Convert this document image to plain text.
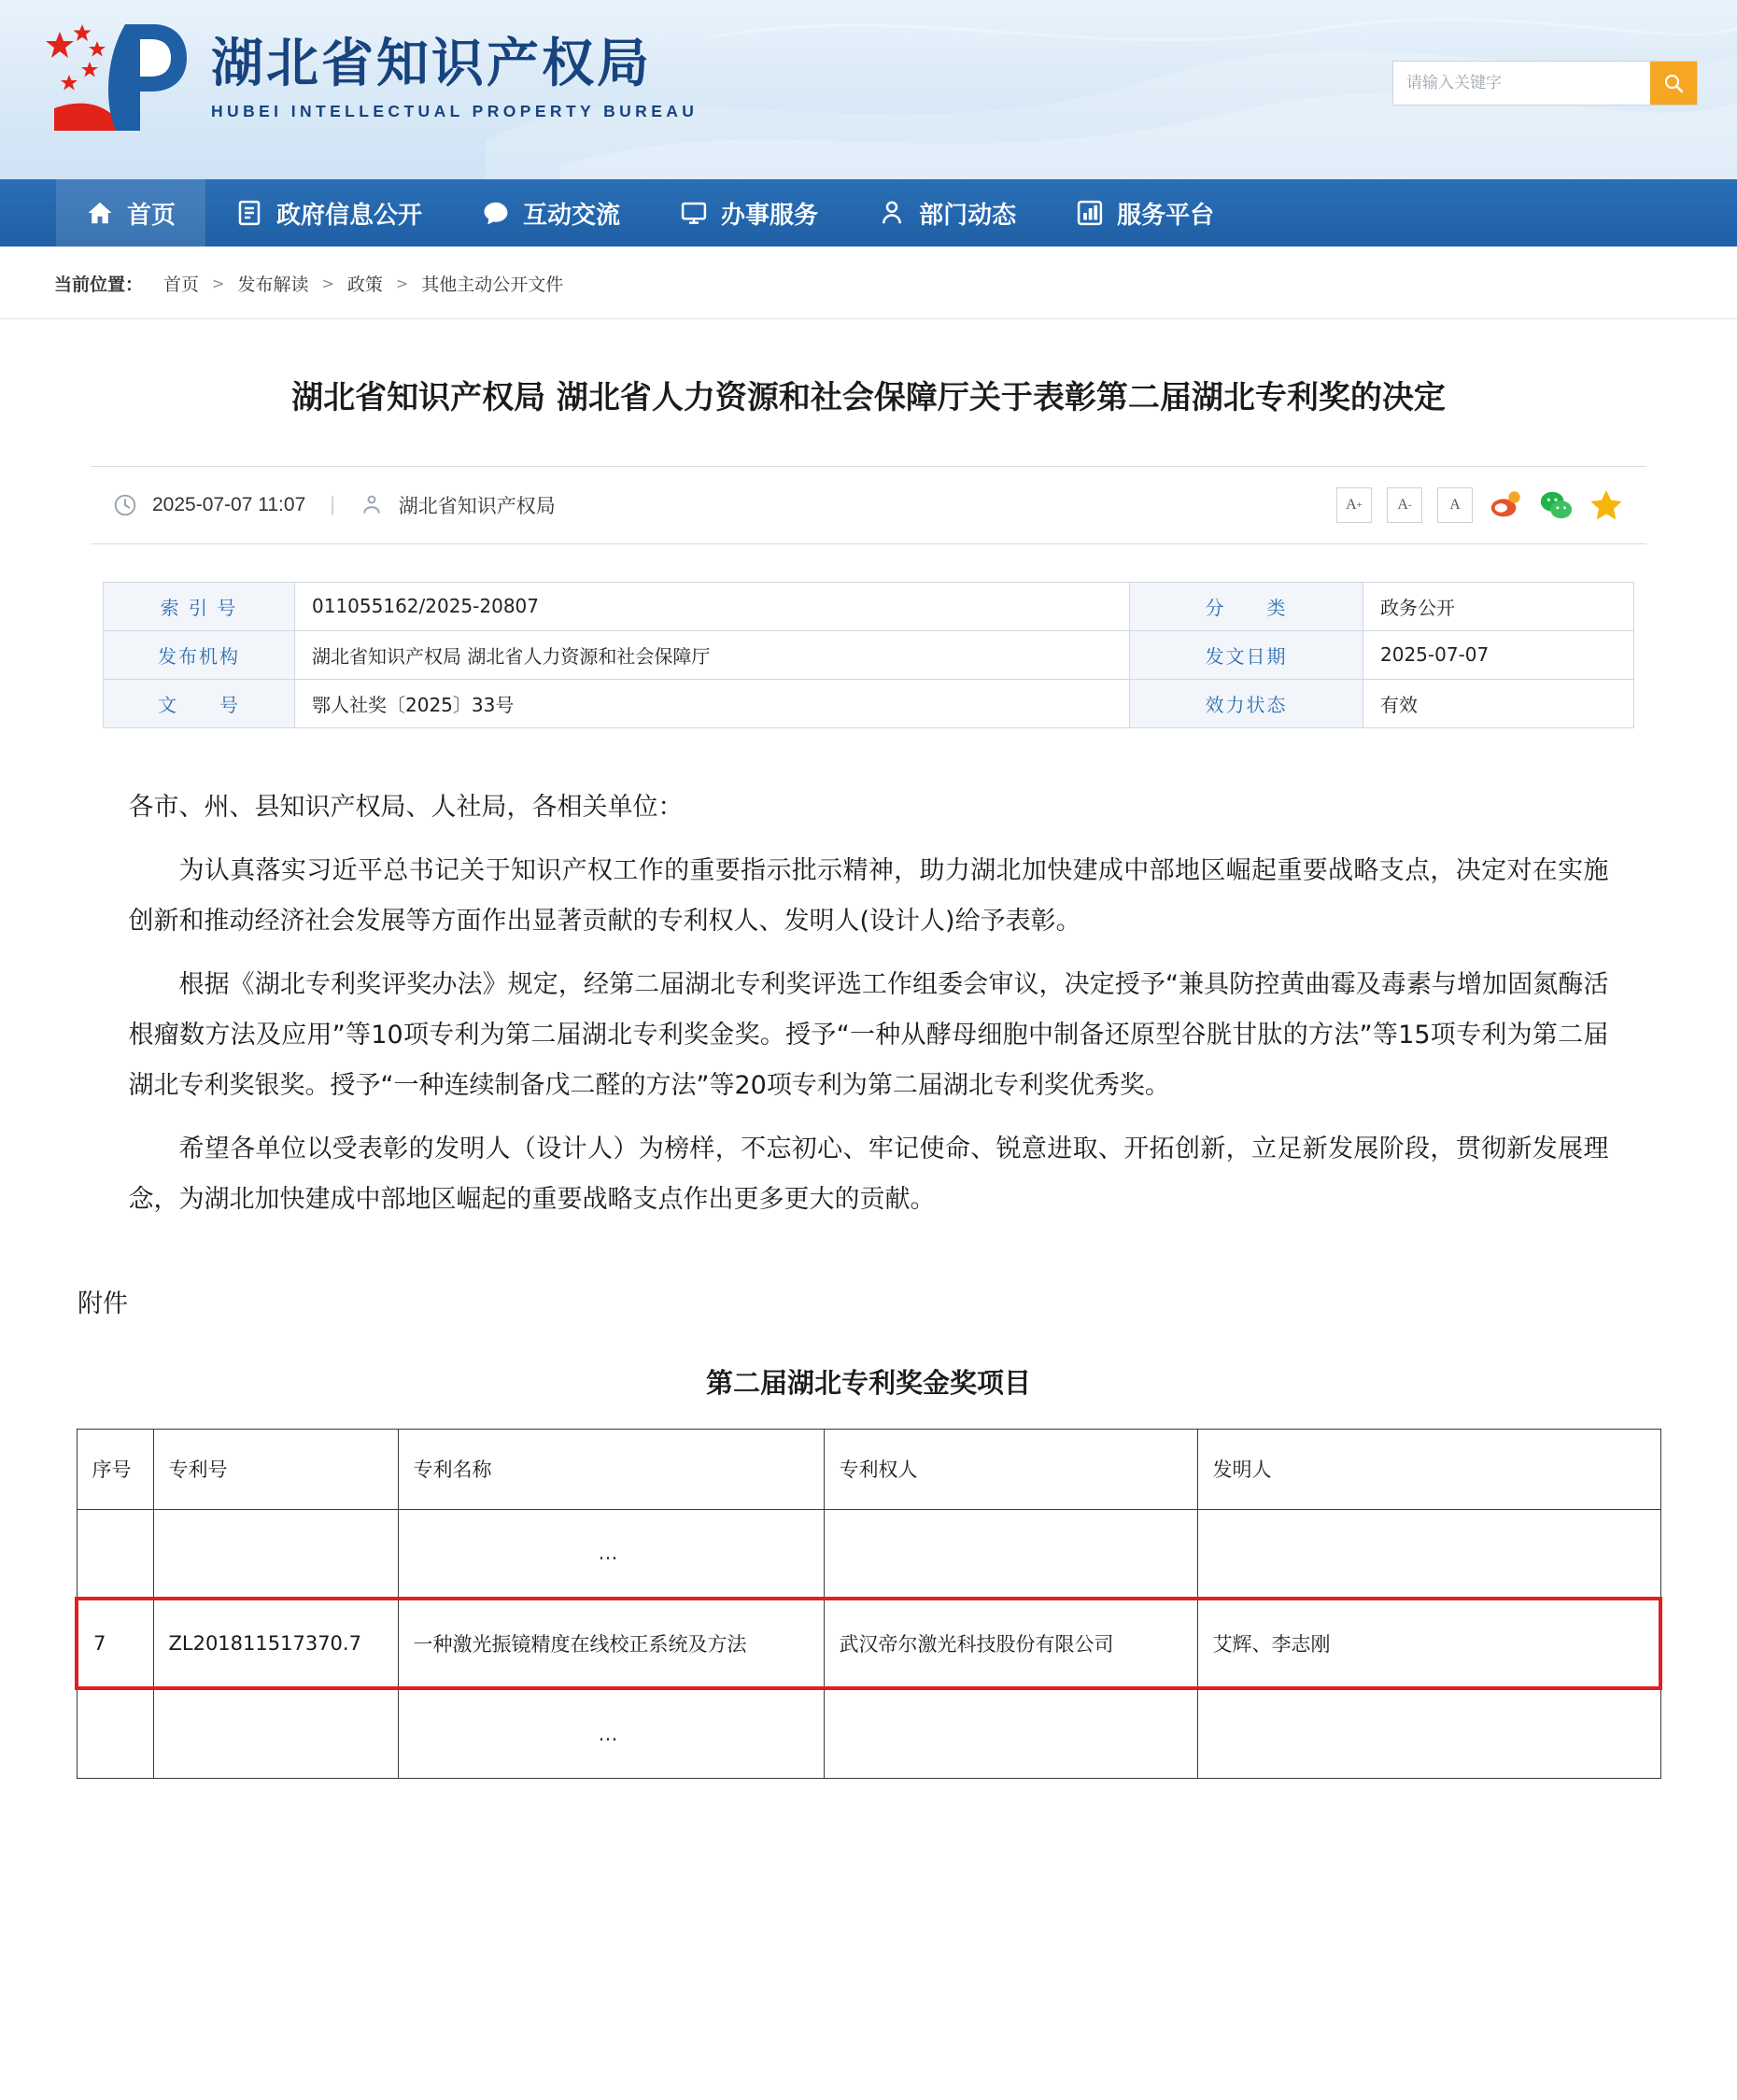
湖北省知识产权局
HUBEI INTELLECTUAL PROPERTY BUREAU
请输入关键字
首页	政府信息公开	互动交流	办事服务	部门动态	服务平台
当前位置： 首页 > 发布解读 > 政策 > 其他主动公开文件
湖北省知识产权局 湖北省人力资源和社会保障厅关于表彰第二届湖北专利奖的决定
2025-07-07 11:07 |	湖北省知识产权局	A + A -	A
索 引 号	011055162/2025-20807	分　　类	政务公开
发布机构	湖北省知识产权局 湖北省人力资源和社会保障厅	发文日期	2025-07-07
文　　号	鄂人社奖〔2025〕33号	效力状态	有效

各市、州、县知识产权局、人社局，各相关单位：

为认真落实习近平总书记关于知识产权工作的重要指示批示精神，助力湖北加快建成中部地区崛起重要战略支点，决定对在实施创新和推动经济社会发展等方面作出显著贡献的专利权人、发明人(设计人)给予表彰。

根据《湖北专利奖评奖办法》规定，经第二届湖北专利奖评选工作组委会审议，决定授予“兼具防控黄曲霉及毒素与增加固氮酶活根瘤数方法及应用”等10项专利为第二届湖北专利奖金奖。授予“一种从酵母细胞中制备还原型谷胱甘肽的方法”等15项专利为第二届湖北专利奖银奖。授予“一种连续制备戊二醛的方法”等20项专利为第二届湖北专利奖优秀奖。

希望各单位以受表彰的发明人（设计人）为榜样，不忘初心、牢记使命、锐意进取、开拓创新，立足新发展阶段，贯彻新发展理念，为湖北加快建成中部地区崛起的重要战略支点作出更多更大的贡献。

附件
第二届湖北专利奖金奖项目
序号	专利号	专利名称	专利权人	发明人
		…		
7	ZL201811517370.7	一种激光振镜精度在线校正系统及方法	武汉帝尔激光科技股份有限公司	艾辉、李志刚
		…		
